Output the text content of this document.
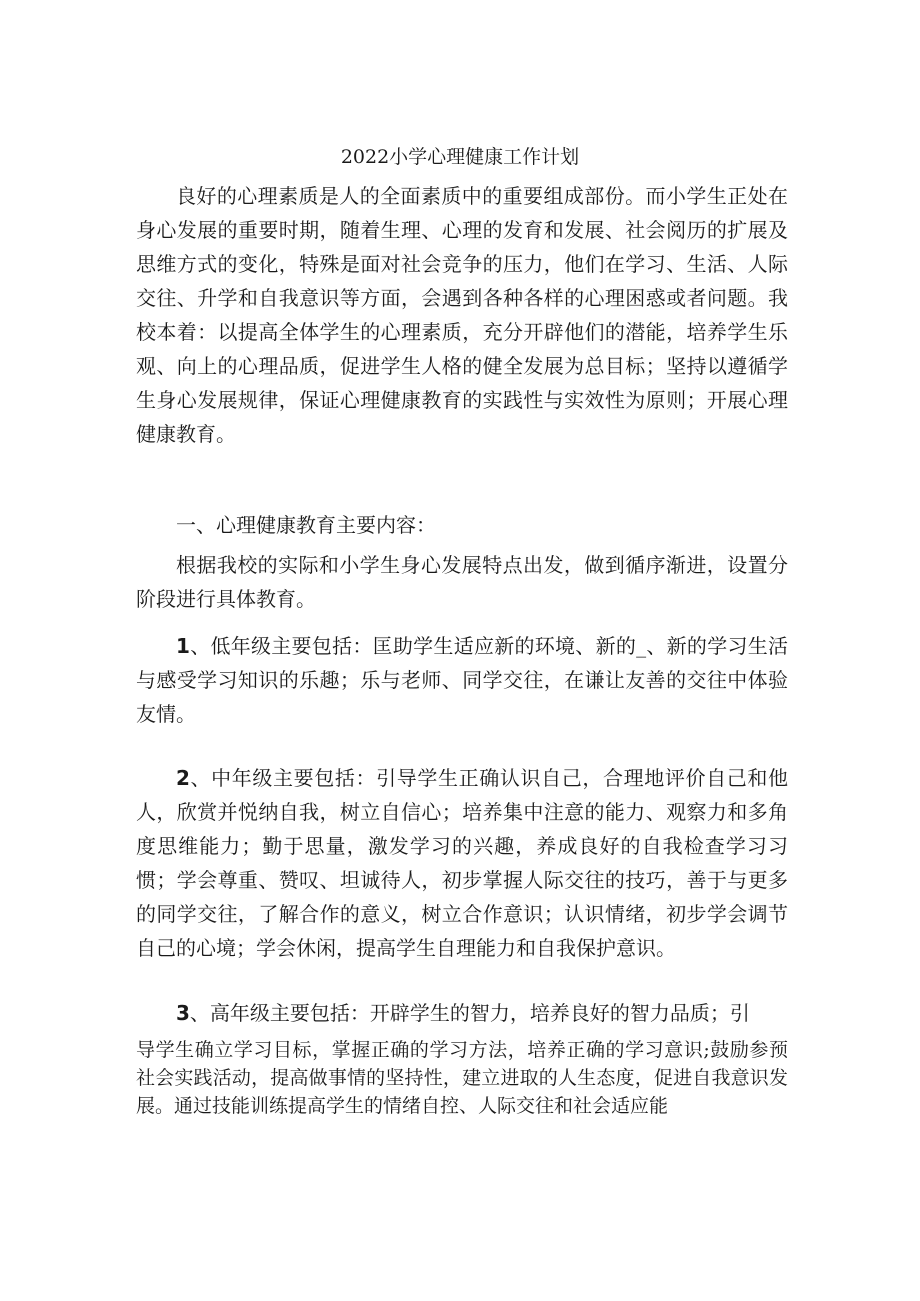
2022小学心理健康工作计划

良好的心理素质是人的全面素质中的重要组成部份。而小学生正处在身心发展的重要时期，随着生理、心理的发育和发展、社会阅历的扩展及思维方式的变化，特殊是面对社会竞争的压力，他们在学习、生活、人际交往、升学和自我意识等方面，会遇到各种各样的心理困惑或者问题。我校本着：以提高全体学生的心理素质，充分开辟他们的潜能，培养学生乐观、向上的心理品质，促进学生人格的健全发展为总目标；坚持以遵循学生身心发展规律，保证心理健康教育的实践性与实效性为原则；开展心理健康教育。

一、心理健康教育主要内容：

根据我校的实际和小学生身心发展特点出发，做到循序渐进，设置分阶段进行具体教育。

1、低年级主要包括：匡助学生适应新的环境、新的_、新的学习生活与感受学习知识的乐趣；乐与老师、同学交往，在谦让友善的交往中体验友情。

2、中年级主要包括：引导学生正确认识自己，合理地评价自己和他人，欣赏并悦纳自我，树立自信心；培养集中注意的能力、观察力和多角度思维能力；勤于思量，激发学习的兴趣，养成良好的自我检查学习习惯；学会尊重、赞叹、坦诚待人，初步掌握人际交往的技巧，善于与更多的同学交往，了解合作的意义，树立合作意识；认识情绪，初步学会调节自己的心境；学会休闲，提高学生自理能力和自我保护意识。

3、高年级主要包括：开辟学生的智力，培养良好的智力品质；引

导学生确立学习目标，掌握正确的学习方法，培养正确的学习意识;鼓励参预社会实践活动，提高做事情的坚持性，建立进取的人生态度，促进自我意识发展。通过技能训练提高学生的情绪自控、人际交往和社会适应能
